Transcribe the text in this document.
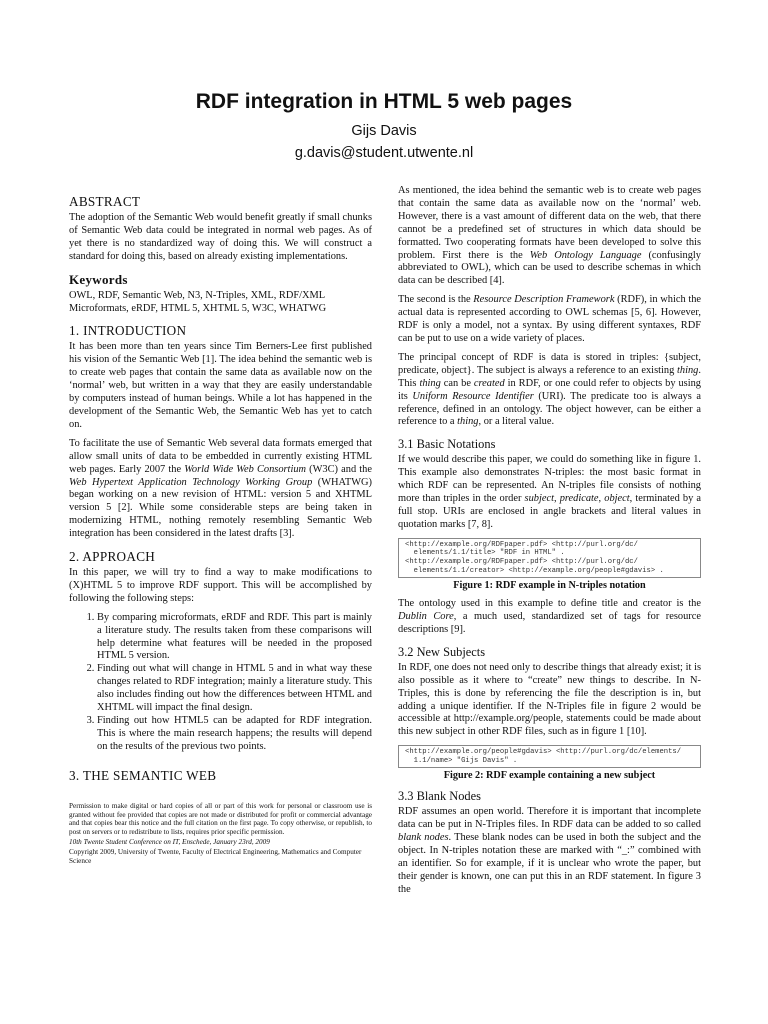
RDF integration in HTML 5 web pages
Gijs Davis
g.davis@student.utwente.nl
ABSTRACT

The adoption of the Semantic Web would benefit greatly if small chunks of Semantic Web data could be integrated in normal web pages. As of yet there is no standardized way of doing this. We will construct a standard for doing this, based on already existing implementations.

Keywords

OWL, RDF, Semantic Web, N3, N-Triples, XML, RDF/XML Microformats, eRDF, HTML 5, XHTML 5, W3C, WHATWG

1. INTRODUCTION

It has been more than ten years since Tim Berners-Lee first published his vision of the Semantic Web [1]. The idea behind the semantic web is to create web pages that contain the same data as available now on the ‘normal’ web, but written in a way that they are easily understandable by computers instead of human beings. While a lot has happened in the development of the Semantic Web, the Semantic Web has yet to catch on.

To facilitate the use of Semantic Web several data formats emerged that allow small units of data to be embedded in currently existing HTML web pages. Early 2007 the World Wide Web Consortium (W3C) and the Web Hypertext Application Technology Working Group (WHATWG) began working on a new revision of HTML: version 5 and XHTML version 5 [2]. While some considerable steps are being taken in modernizing HTML, nothing remotely resembling Semantic Web integration has been considered in the latest drafts [3].

2. APPROACH

In this paper, we will try to find a way to make modifications to (X)HTML 5 to improve RDF support. This will be accomplished by following the following steps:

1. By comparing microformats, eRDF and RDF. This part is mainly a literature study. The results taken from these comparisons will help determine what features will be needed in the proposed HTML 5 version.
2. Finding out what will change in HTML 5 and in what way these changes related to RDF integration; mainly a literature study. This also includes finding out how the differences between HTML and XHTML will impact the final design.
3. Finding out how HTML5 can be adapted for RDF integration. This is where the main research happens; the results will depend on the results of the previous two points.
3. THE SEMANTIC WEB

Permission to make digital or hard copies of all or part of this work for personal or classroom use is granted without fee provided that copies are not made or distributed for profit or commercial advantage and that copies bear this notice and the full citation on the first page. To copy otherwise, or republish, to post on servers or to redistribute to lists, requires prior specific permission.

10th Twente Student Conference on IT, Enschede, January 23rd, 2009

Copyright 2009, University of Twente, Faculty of Electrical Engineering, Mathematics and Computer Science

As mentioned, the idea behind the semantic web is to create web pages that contain the same data as available now on the ‘normal’ web. However, there is a vast amount of different data on the web, that there cannot be a predefined set of structures in which data should be formatted. Two cooperating formats have been developed to solve this problem. First there is the Web Ontology Language (confusingly abbreviated to OWL), which can be used to describe schemas in which data can be described [4].

The second is the Resource Description Framework (RDF), in which the actual data is represented according to OWL schemas [5, 6]. However, RDF is only a model, not a syntax. By using different syntaxes, RDF can be put to use on a wide variety of places.

The principal concept of RDF is data is stored in triples: {subject, predicate, object}. The subject is always a reference to an existing thing. This thing can be created in RDF, or one could refer to objects by using its Uniform Resource Identifier (URI). The predicate too is always a reference, defined in an ontology. The object however, can be either a reference to a thing, or a literal value.

3.1 Basic Notations

If we would describe this paper, we could do something like in figure 1. This example also demonstrates N-triples: the most basic format in which RDF can be represented. An N-triples file consists of nothing more than triples in the order subject, predicate, object, terminated by a full stop. URIs are enclosed in angle brackets and literal values in quotation marks [7, 8].

<http://example.org/RDFpaper.pdf> <http://purl.org/dc/
elements/1.1/title> "RDF in HTML" .
<http://example.org/RDFpaper.pdf> <http://purl.org/dc/
elements/1.1/creator> <http://example.org/people#gdavis> .
Figure 1: RDF example in N-triples notation

The ontology used in this example to define title and creator is the Dublin Core, a much used, standardized set of tags for resource descriptions [9].

3.2 New Subjects

In RDF, one does not need only to describe things that already exist; it is also possible as it where to “create” new things to describe. In N-Triples, this is done by referencing the file the description is in, but adding a unique identifier. If the N-Triples file in figure 2 would be accessible at http://example.org/people, statements could be made about this new subject in other RDF files, such as in figure 1 [10].

<http://example.org/people#gdavis> <http://purl.org/dc/elements/
1.1/name> "Gijs Davis" .
Figure 2: RDF example containing a new subject
3.3 Blank Nodes

RDF assumes an open world. Therefore it is important that incomplete data can be put in N-Triples files. In RDF data can be added to so called blank nodes. These blank nodes can be used in both the subject and the object. In N-triples notation these are marked with “_:” combined with an identifier. So for example, if it is unclear who wrote the paper, but their gender is known, one can put this in an RDF statement. In figure 3 the
